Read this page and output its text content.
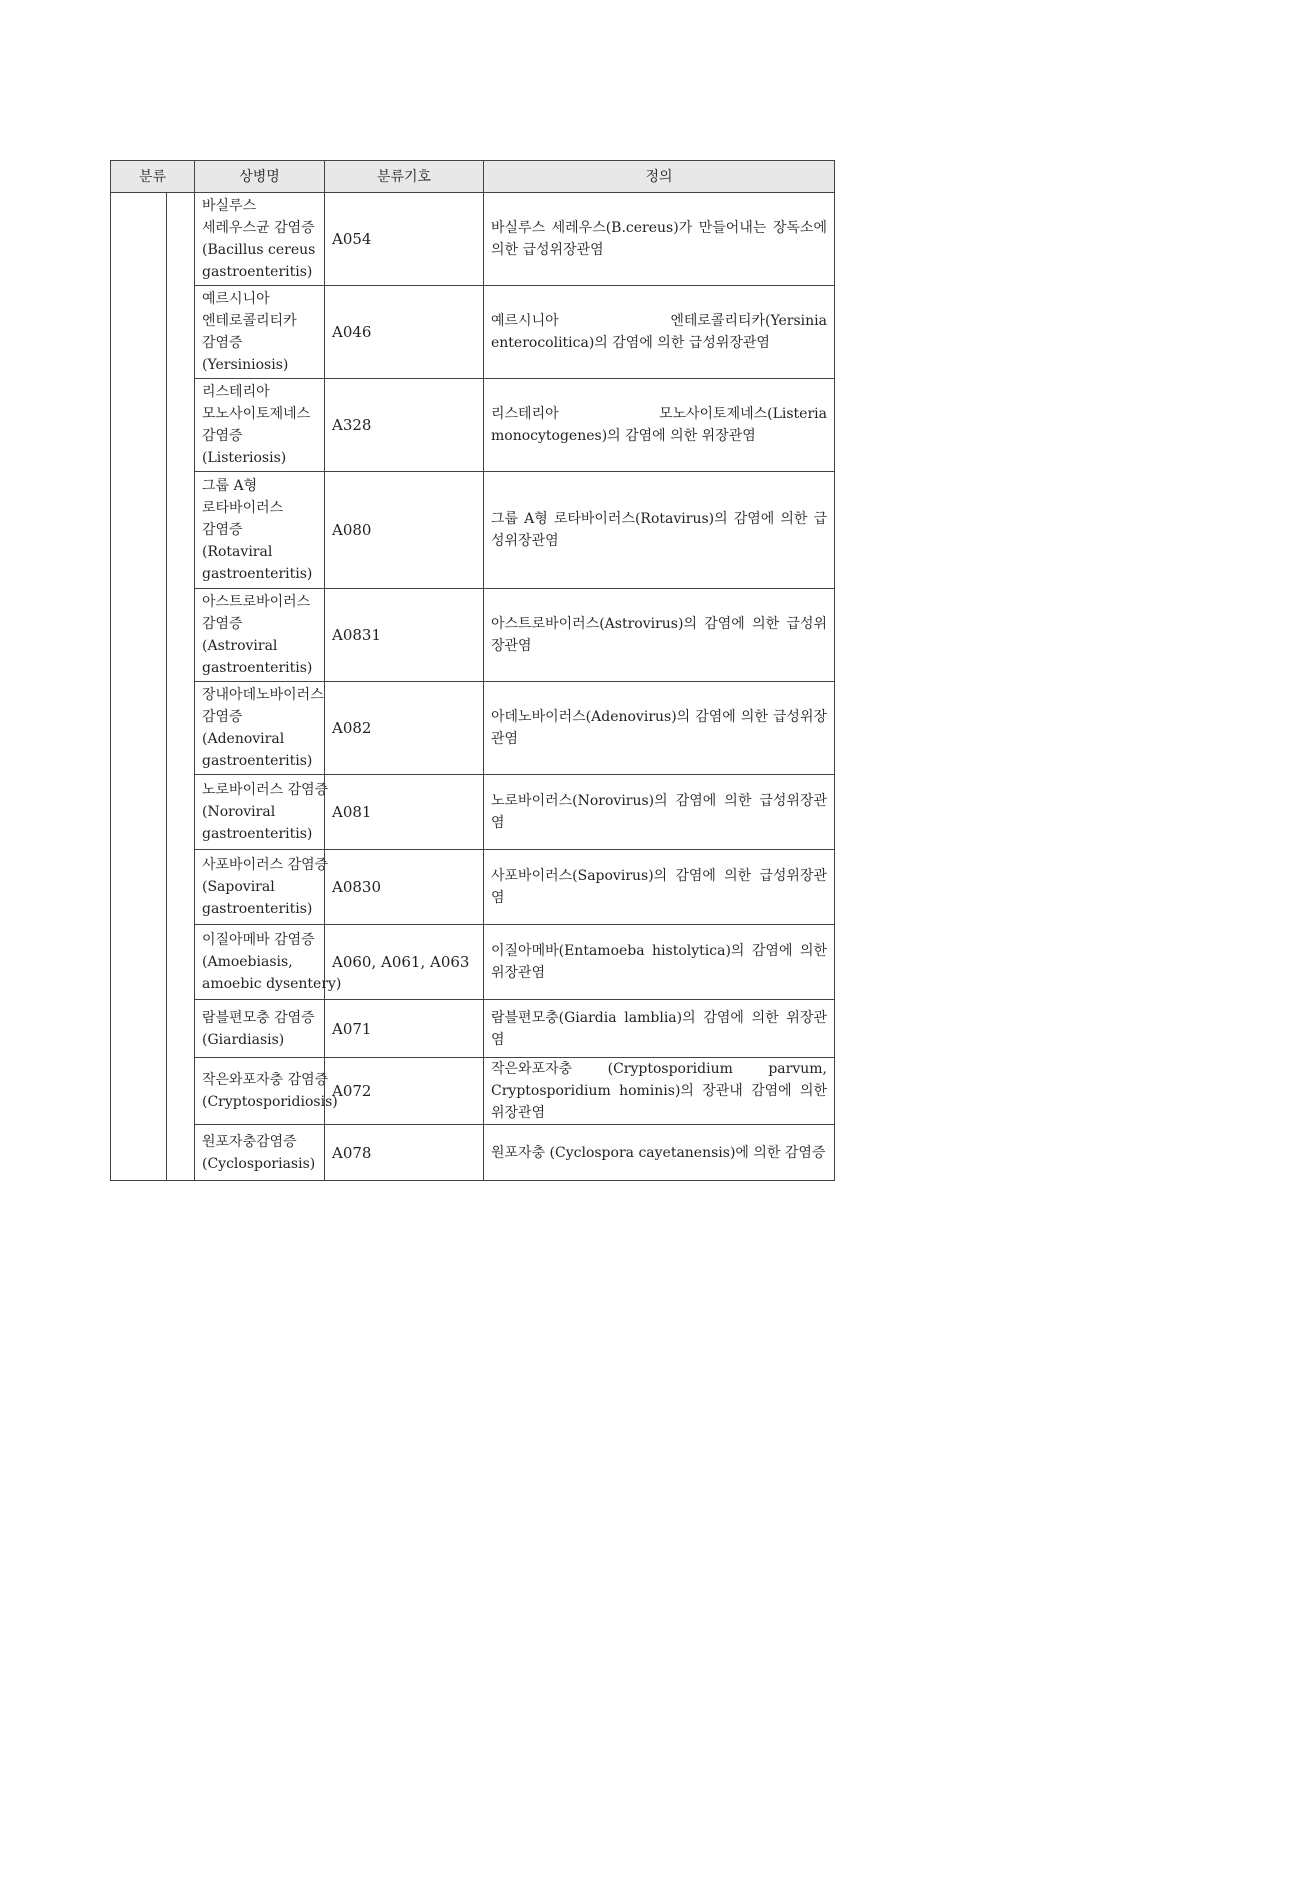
분류		상병명	분류기호	정의

		바실루스
세레우스균 감염증
(Bacillus cereus
gastroenteritis)	A054	바실루스 세레우스(B.cereus)가 만들어내는 장독소에 의한 급성위장관염

		예르시니아
엔테로콜리티카
감염증
(Yersiniosis)	A046	예르시니아 엔테로콜리티카(Yersinia enterocolitica)의 감염에 의한 급성위장관염

		리스테리아
모노사이토제네스
감염증
(Listeriosis)	A328	리스테리아 모노사이토제네스(Listeria monocytogenes)의 감염에 의한 위장관염

		그룹 A형
로타바이러스
감염증
(Rotaviral
gastroenteritis)	A080	그룹 A형 로타바이러스(Rotavirus)의 감염에 의한 급성위장관염

		아스트로바이러스
감염증
(Astroviral
gastroenteritis)	A0831	아스트로바이러스(Astrovirus)의 감염에 의한 급성위장관염

		장내아데노바이러스
감염증
(Adenoviral
gastroenteritis)	A082	아데노바이러스(Adenovirus)의 감염에 의한 급성위장관염

		노로바이러스 감염증
(Noroviral
gastroenteritis)	A081	노로바이러스(Norovirus)의 감염에 의한 급성위장관염

		사포바이러스 감염증
(Sapoviral
gastroenteritis)	A0830	사포바이러스(Sapovirus)의 감염에 의한 급성위장관염

		이질아메바 감염증
(Amoebiasis,
amoebic dysentery)	A060, A061, A063	이질아메바(Entamoeba histolytica)의 감염에 의한 위장관염

		람블편모충 감염증
(Giardiasis)	A071	람블편모충(Giardia lamblia)의 감염에 의한 위장관염

		작은와포자충 감염증
(Cryptosporidiosis)	A072	작은와포자충 (Cryptosporidium parvum, Cryptosporidium hominis)의 장관내 감염에 의한 위장관염

		원포자충감염증
(Cyclosporiasis)	A078	원포자충 (Cyclospora cayetanensis)에 의한 감염증
